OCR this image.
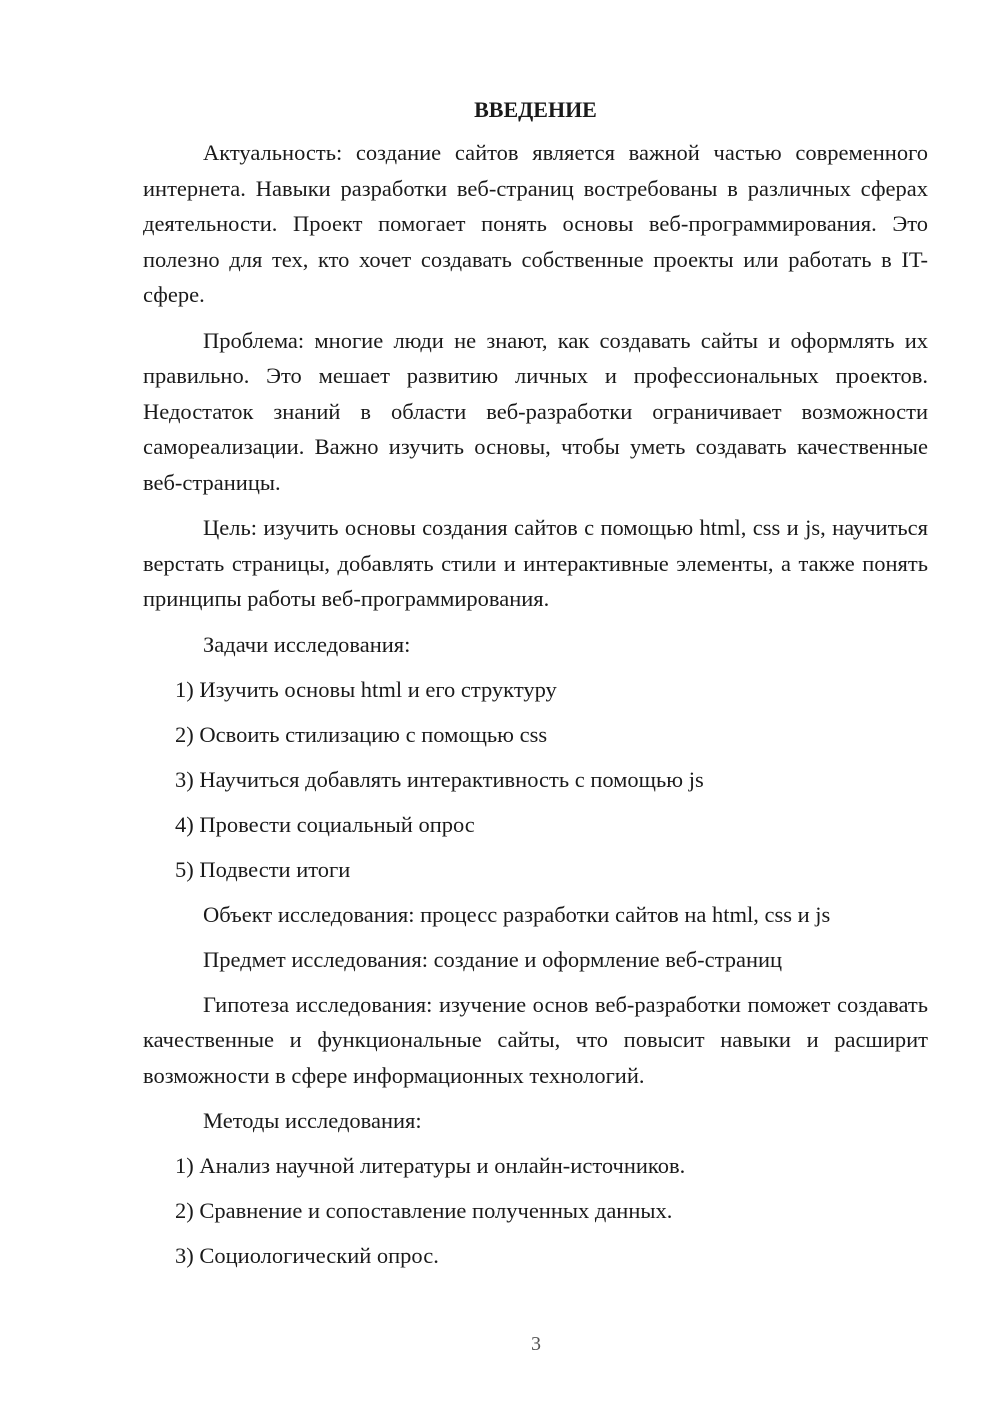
ВВЕДЕНИЕ

Актуальность: создание сайтов является важной частью современного интернета. Навыки разработки веб-страниц востребованы в различных сферах деятельности. Проект помогает понять основы веб-программирования. Это полезно для тех, кто хочет создавать собственные проекты или работать в IT-сфере.

Проблема: многие люди не знают, как создавать сайты и оформлять их правильно. Это мешает развитию личных и профессиональных проектов. Недостаток знаний в области веб-разработки ограничивает возможности самореализации. Важно изучить основы, чтобы уметь создавать качественные веб-страницы.

Цель: изучить основы создания сайтов с помощью html, css и js, научиться верстать страницы, добавлять стили и интерактивные элементы, а также понять принципы работы веб-программирования.

Задачи исследования:
1) Изучить основы html и его структуру
2) Освоить стилизацию с помощью css
3) Научиться добавлять интерактивность с помощью js
4) Провести социальный опрос
5) Подвести итоги
Объект исследования: процесс разработки сайтов на html, css и js
Предмет исследования: создание и оформление веб-страниц

Гипотеза исследования: изучение основ веб-разработки поможет создавать качественные и функциональные сайты, что повысит навыки и расширит возможности в сфере информационных технологий.

Методы исследования:
1) Анализ научной литературы и онлайн-источников.
2) Сравнение и сопоставление полученных данных.
3) Социологический опрос.
3
